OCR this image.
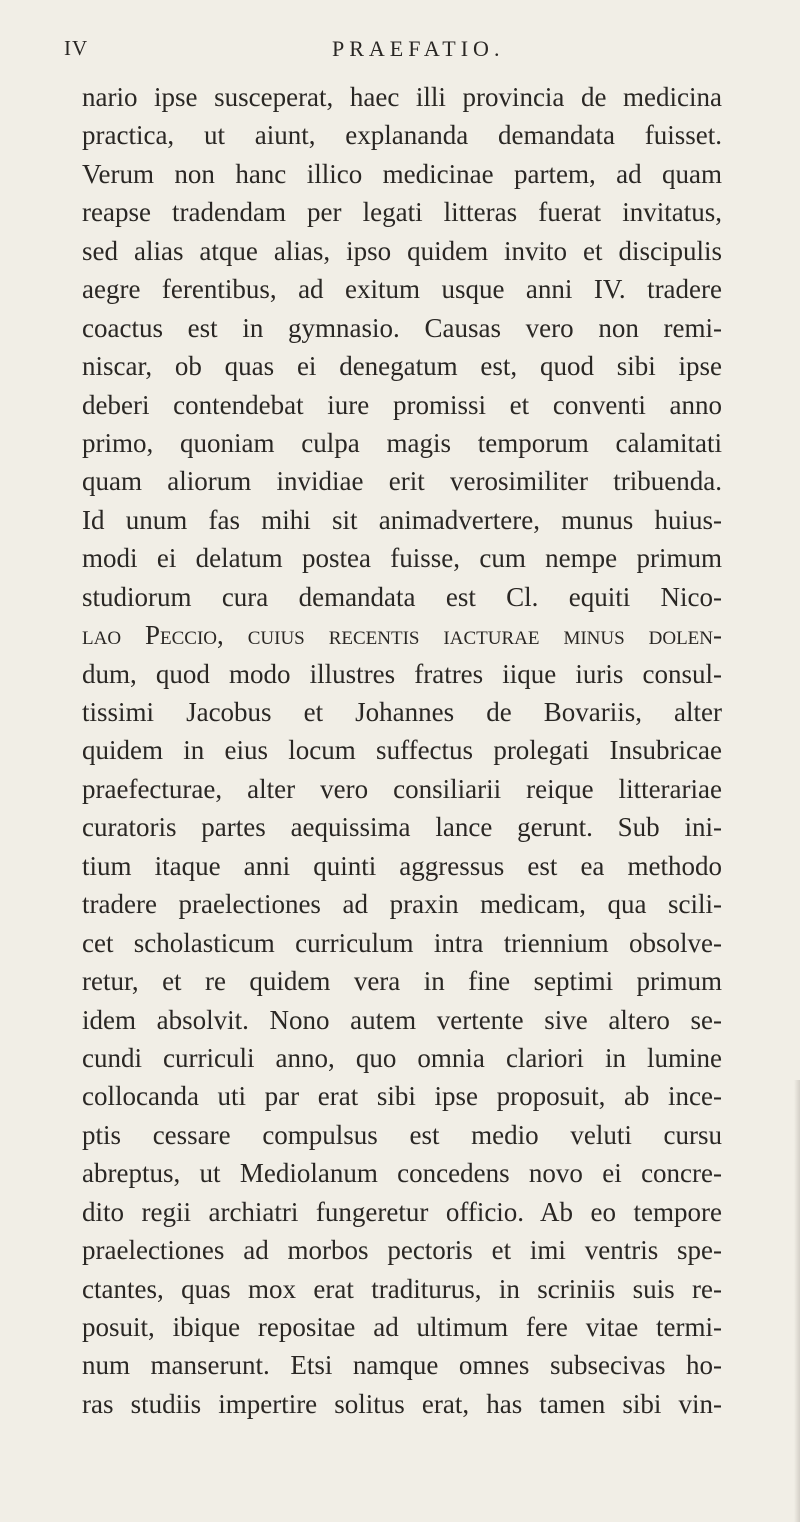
IV	PRAEFATIO.
nario ipse susceperat, haec illi provincia de medicina
practica, ut aiunt, explananda demandata fuisset.
Verum non hanc illico medicinae partem, ad quam
reapse tradendam per legati litteras fuerat invitatus,
sed alias atque alias, ipso quidem invito et discipulis
aegre ferentibus, ad exitum usque anni IV. tradere
coactus est in gymnasio. Causas vero non remi-
niscar, ob quas ei denegatum est, quod sibi ipse
deberi contendebat iure promissi et conventi anno
primo, quoniam culpa magis temporum calamitati
quam aliorum invidiae erit verosimiliter tribuenda.
Id unum fas mihi sit animadvertere, munus huius-
modi ei delatum postea fuisse, cum nempe primum
studiorum cura demandata est Cl. equiti Nico-
lao Peccio, cuius recentis iacturae minus dolen-
dum, quod modo illustres fratres iique iuris consul-
tissimi Jacobus et Johannes de Bovariis, alter
quidem in eius locum suffectus prolegati Insubricae
praefecturae, alter vero consiliarii reique litterariae
curatoris partes aequissima lance gerunt. Sub ini-
tium itaque anni quinti aggressus est ea methodo
tradere praelectiones ad praxin medicam, qua scili-
cet scholasticum curriculum intra triennium obsolve-
retur, et re quidem vera in fine septimi primum
idem absolvit. Nono autem vertente sive altero se-
cundi curriculi anno, quo omnia clariori in lumine
collocanda uti par erat sibi ipse proposuit, ab ince-
ptis cessare compulsus est medio veluti cursu
abreptus, ut Mediolanum concedens novo ei concre-
dito regii archiatri fungeretur officio. Ab eo tempore
praelectiones ad morbos pectoris et imi ventris spe-
ctantes, quas mox erat traditurus, in scriniis suis re-
posuit, ibique repositae ad ultimum fere vitae termi-
num manserunt. Etsi namque omnes subsecivas ho-
ras studiis impertire solitus erat, has tamen sibi vin-
